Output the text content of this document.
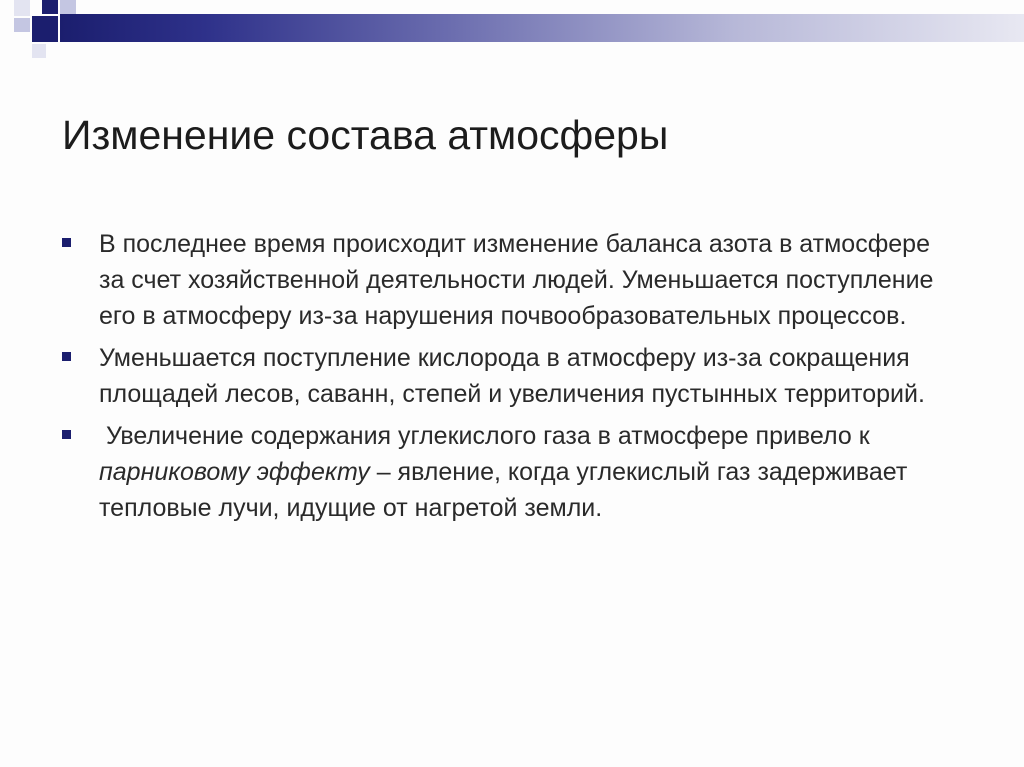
Изменение состава атмосферы
В последнее время происходит изменение баланса азота в атмосфере за счет хозяйственной деятельности людей. Уменьшается поступление его в атмосферу из-за нарушения почвообразовательных процессов.
Уменьшается поступление кислорода в атмосферу из-за сокращения площадей лесов, саванн, степей и увеличения пустынных территорий.
Увеличение содержания углекислого газа в атмосфере привело к парниковому эффекту – явление, когда углекислый газ задерживает тепловые лучи, идущие от нагретой земли.
